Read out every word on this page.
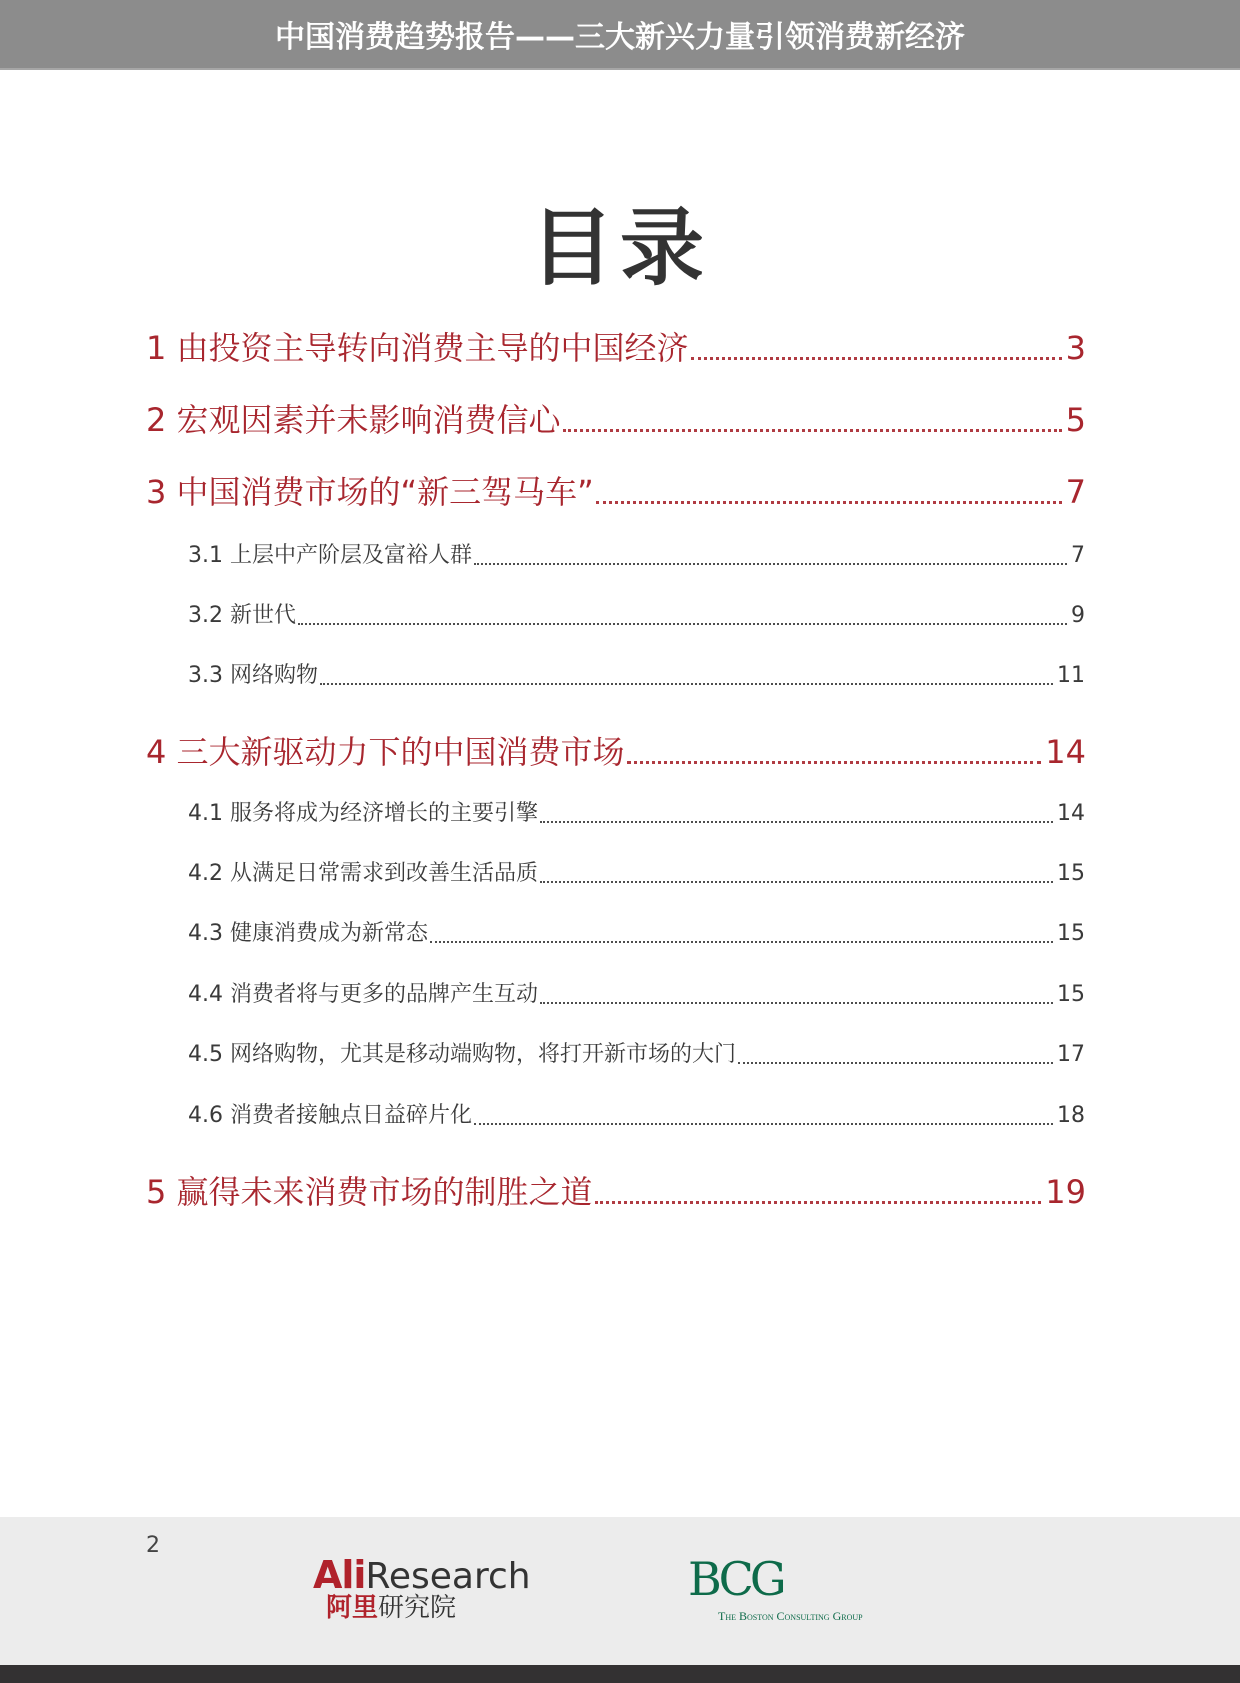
中国消费趋势报告——三大新兴力量引领消费新经济
目录
1 由投资主导转向消费主导的中国经济	3
2 宏观因素并未影响消费信心	5
3 中国消费市场的“新三驾马车”	7
3.1 上层中产阶层及富裕人群	7
3.2 新世代	9
3.3 网络购物	11
4 三大新驱动力下的中国消费市场	14
4.1 服务将成为经济增长的主要引擎	14
4.2 从满足日常需求到改善生活品质	15
4.3 健康消费成为新常态	15
4.4 消费者将与更多的品牌产生互动	15
4.5 网络购物，尤其是移动端购物，将打开新市场的大门	17
4.6 消费者接触点日益碎片化	18
5 赢得未来消费市场的制胜之道	19
2
AliResearch
阿里研究院
BCG
The Boston Consulting Group
